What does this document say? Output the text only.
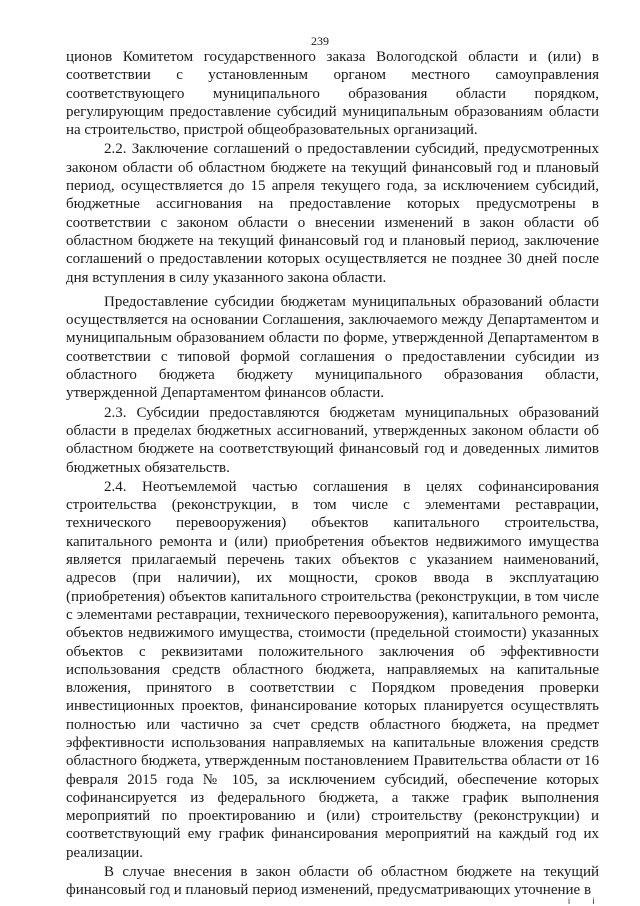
239

ционов Комитетом государственного заказа Вологодской области и (или) в соответствии с установленным органом местного самоуправления соответствующего муниципального образования области порядком, регулирующим предоставление субсидий муниципальным образованиям области на строительство, пристрой общеобразовательных организаций.

2.2. Заключение соглашений о предоставлении субсидий, предусмотренных законом области об областном бюджете на текущий финансовый год и плановый период, осуществляется до 15 апреля текущего года, за исключением субсидий, бюджетные ассигнования на предоставление которых предусмотрены в соответствии с законом области о внесении изменений в закон области об областном бюджете на текущий финансовый год и плановый период, заключение соглашений о предоставлении которых осуществляется не позднее 30 дней после дня вступления в силу указанного закона области.

Предоставление субсидии бюджетам муниципальных образований области осуществляется на основании Соглашения, заключаемого между Департаментом и муниципальным образованием области по форме, утвержденной Департаментом в соответствии с типовой формой соглашения о предоставлении субсидии из областного бюджета бюджету муниципального образования области, утвержденной Департаментом финансов области.

2.3. Субсидии предоставляются бюджетам муниципальных образований области в пределах бюджетных ассигнований, утвержденных законом области об областном бюджете на соответствующий финансовый год и доведенных лимитов бюджетных обязательств.

2.4. Неотъемлемой частью соглашения в целях софинансирования строительства (реконструкции, в том числе с элементами реставрации, технического перевооружения) объектов капитального строительства, капитального ремонта и (или) приобретения объектов недвижимого имущества является прилагаемый перечень таких объектов с указанием наименований, адресов (при наличии), их мощности, сроков ввода в эксплуатацию (приобретения) объектов капитального строительства (реконструкции, в том числе с элементами реставрации, технического перевооружения), капитального ремонта, объектов недвижимого имущества, стоимости (предельной стоимости) указанных объектов с реквизитами положительного заключения об эффективности использования средств областного бюджета, направляемых на капитальные вложения, принятого в соответствии с Порядком проведения проверки инвестиционных проектов, финансирование которых планируется осуществлять полностью или частично за счет средств областного бюджета, на предмет эффективности использования направляемых на капитальные вложения средств областного бюджета, утвержденным постановлением Правительства области от 16 февраля 2015 года № 105, за исключением субсидий, обеспечение которых софинансируется из федерального бюджета, а также график выполнения мероприятий по проектированию и (или) строительству (реконструкции) и соответствующий ему график финансирования мероприятий на каждый год их реализации.

В случае внесения в закон области об областном бюджете на текущий финансовый год и плановый период изменений, предусматривающих уточнение в

i i
